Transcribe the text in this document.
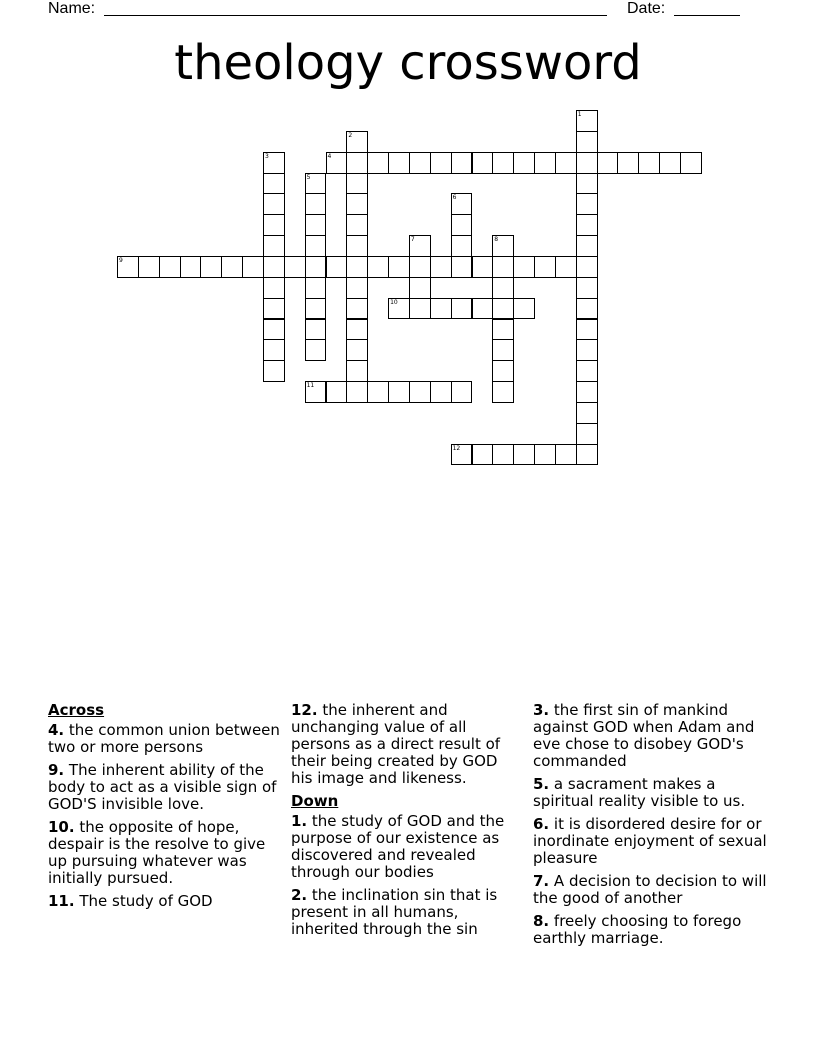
Name:	Date:
theology crossword
1
2
3	4
5
6
7	8
9
10
11
12
Across
4. the common union between two or more persons
9. The inherent ability of the body to act as a visible sign of GOD'S invisible love.
10. the opposite of hope, despair is the resolve to give up pursuing whatever was initially pursued.
11. The study of GOD
12. the inherent and unchanging value of all persons as a direct result of their being created by GOD his image and likeness.
Down
1. the study of GOD and the purpose of our existence as discovered and revealed through our bodies
2. the inclination sin that is present in all humans, inherited through the sin
3. the first sin of mankind against GOD when Adam and eve chose to disobey GOD's commanded
5. a sacrament makes a spiritual reality visible to us.
6. it is disordered desire for or inordinate enjoyment of sexual pleasure
7. A decision to decision to will the good of another
8. freely choosing to forego earthly marriage.
